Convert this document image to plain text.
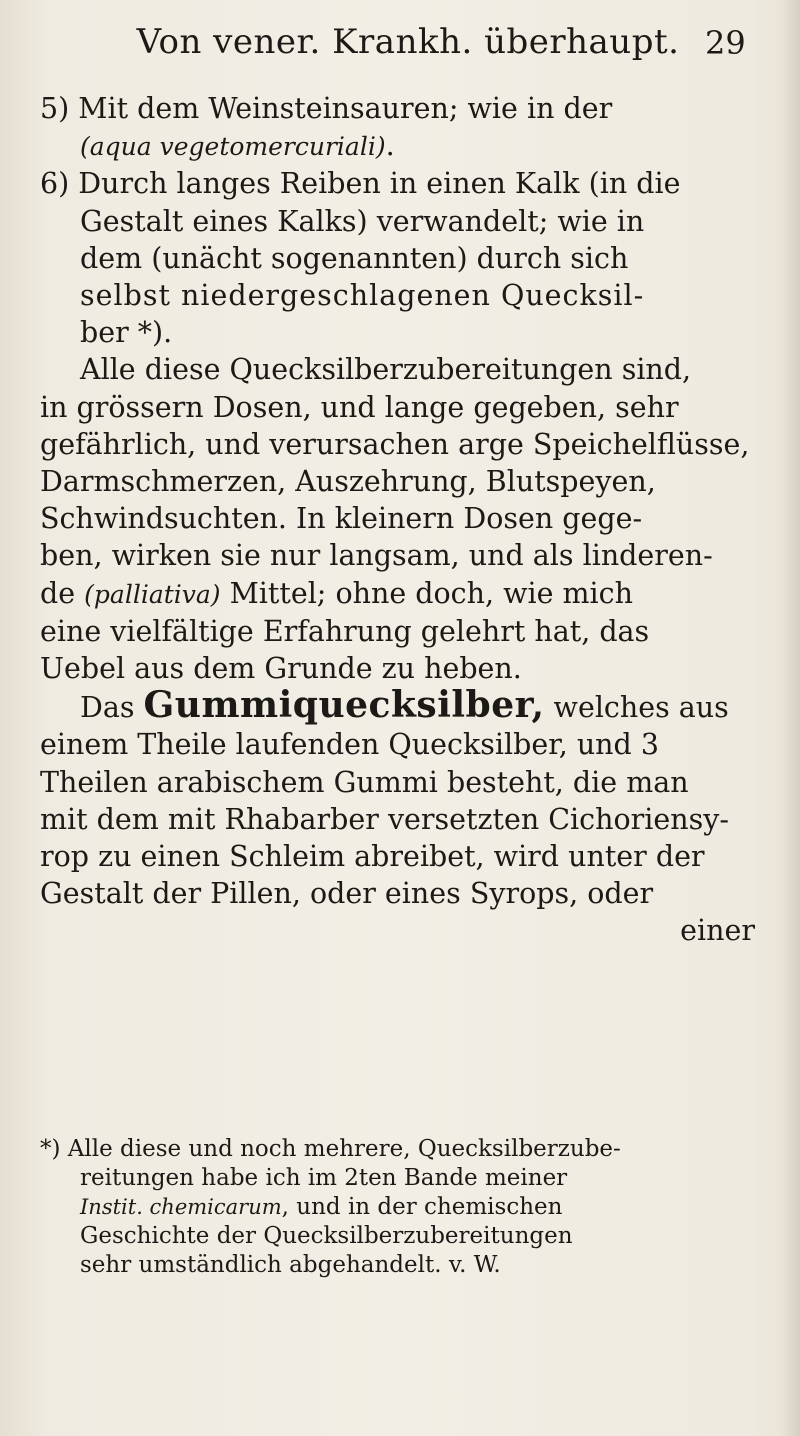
Von vener. Krankh. überhaupt. 29

5) Mit dem Weinsteinsauren; wie in der

(aqua vegetomercuriali).

6) Durch langes Reiben in einen Kalk (in die

Gestalt eines Kalks) verwandelt; wie in

dem (unächt sogenannten) durch sich

selbst niedergeschlagenen Quecksil-

ber *).

Alle diese Quecksilberzubereitungen sind,

in grössern Dosen, und lange gegeben, sehr

gefährlich, und verursachen arge Speichelflüsse,

Darmschmerzen, Auszehrung, Blutspeyen,

Schwindsuchten. In kleinern Dosen gege-

ben, wirken sie nur langsam, und als linderen-

de (palliativa) Mittel; ohne doch, wie mich

eine vielfältige Erfahrung gelehrt hat, das

Uebel aus dem Grunde zu heben.

Das Gummiquecksilber, welches aus

einem Theile laufenden Quecksilber, und 3

Theilen arabischem Gummi besteht, die man

mit dem mit Rhabarber versetzten Cichoriensy-

rop zu einen Schleim abreibet, wird unter der

Gestalt der Pillen, oder eines Syrops, oder

einer

*) Alle diese und noch mehrere, Quecksilberzube-

reitungen habe ich im 2ten Bande meiner

Instit. chemicarum, und in der chemischen

Geschichte der Quecksilberzubereitungen

sehr umständlich abgehandelt. v. W.
